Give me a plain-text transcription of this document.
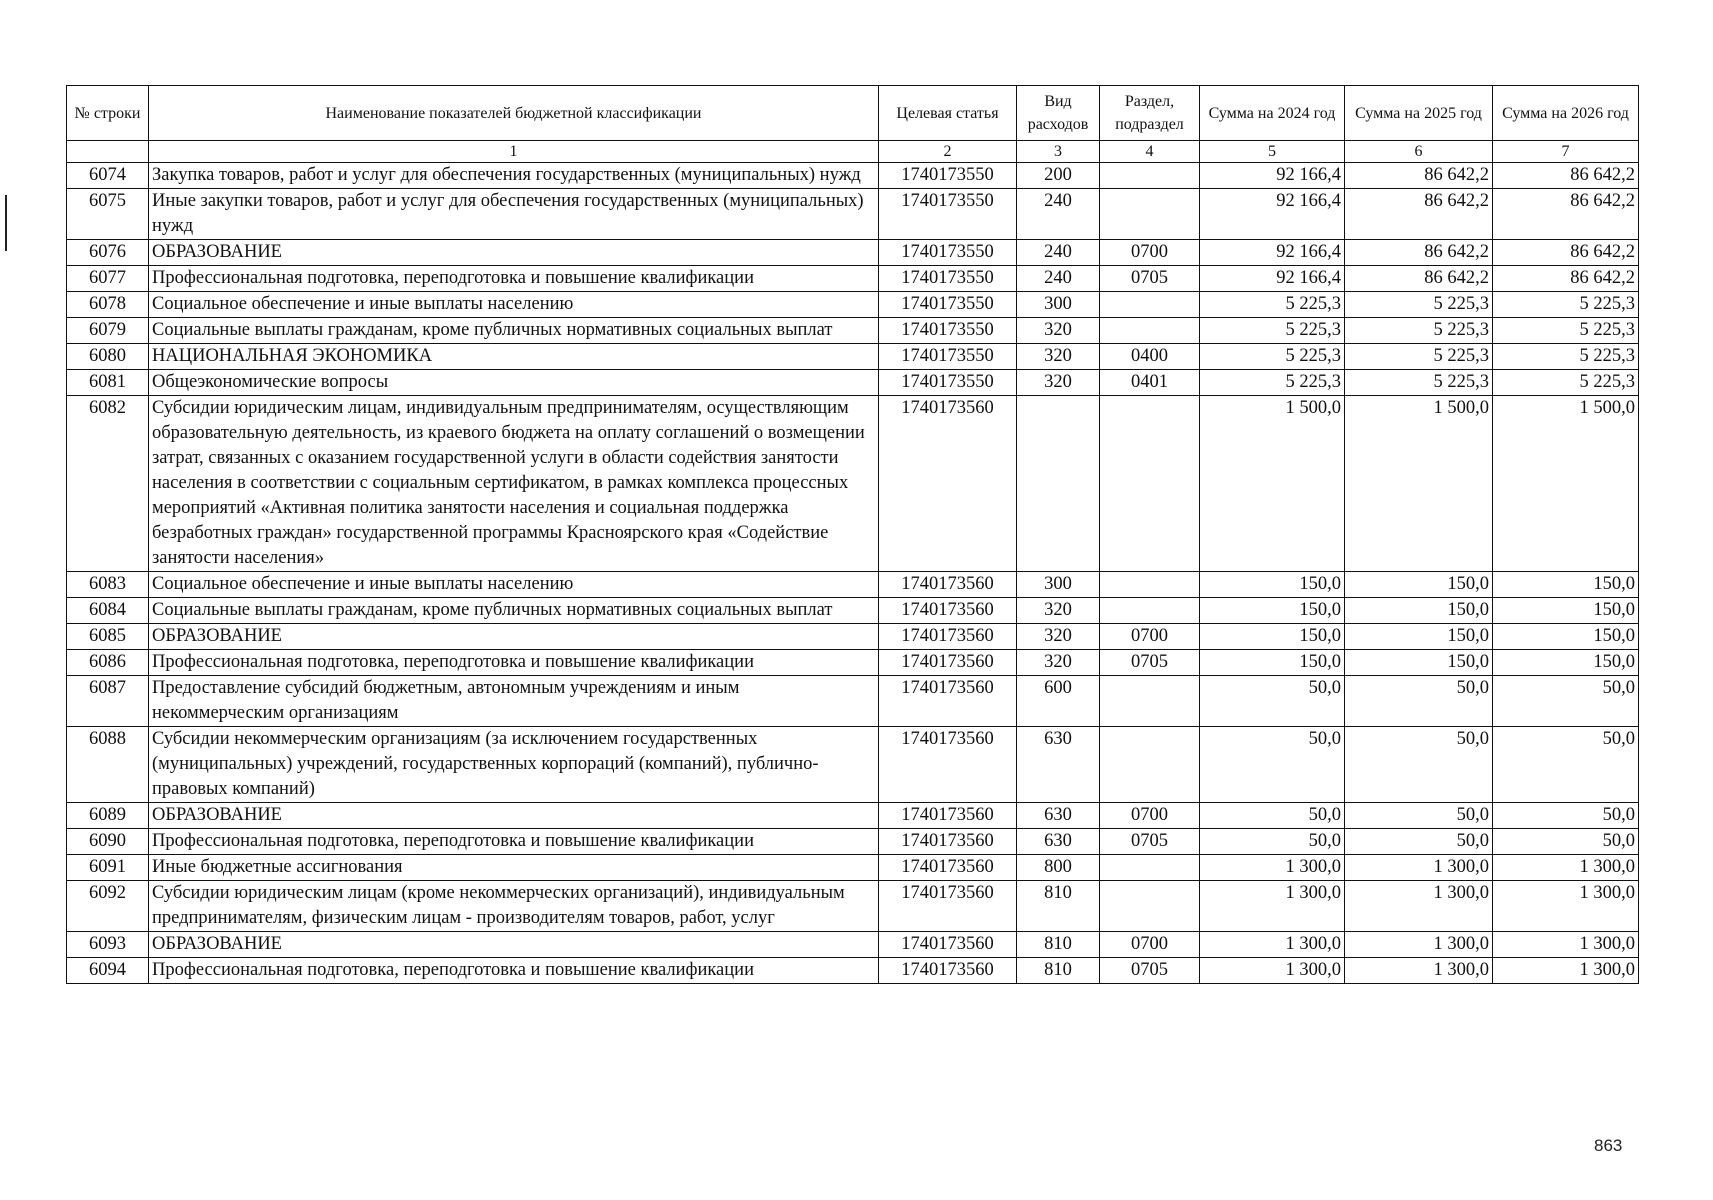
№ строки	Наименование показателей бюджетной классификации	Целевая статья	Вид расходов	Раздел, подраздел	Сумма на 2024 год	Сумма на 2025 год	Сумма на 2026 год
	1	2	3	4	5	6	7
6074	Закупка товаров, работ и услуг для обеспечения государственных (муниципальных) нужд	1740173550	200		92 166,4	86 642,2	86 642,2
6075	Иные закупки товаров, работ и услуг для обеспечения государственных (муниципальных) нужд	1740173550	240		92 166,4	86 642,2	86 642,2
6076	ОБРАЗОВАНИЕ	1740173550	240	0700	92 166,4	86 642,2	86 642,2
6077	Профессиональная подготовка, переподготовка и повышение квалификации	1740173550	240	0705	92 166,4	86 642,2	86 642,2
6078	Социальное обеспечение и иные выплаты населению	1740173550	300		5 225,3	5 225,3	5 225,3
6079	Социальные выплаты гражданам, кроме публичных нормативных социальных выплат	1740173550	320		5 225,3	5 225,3	5 225,3
6080	НАЦИОНАЛЬНАЯ ЭКОНОМИКА	1740173550	320	0400	5 225,3	5 225,3	5 225,3
6081	Общеэкономические вопросы	1740173550	320	0401	5 225,3	5 225,3	5 225,3
6082	Субсидии юридическим лицам, индивидуальным предпринимателям, осуществляющим образовательную деятельность, из краевого бюджета на оплату соглашений о возмещении затрат, связанных с оказанием государственной услуги в области содействия занятости населения в соответствии с социальным сертификатом, в рамках комплекса процессных мероприятий «Активная политика занятости населения и социальная поддержка безработных граждан» государственной программы Красноярского края «Содействие занятости населения»	1740173560			1 500,0	1 500,0	1 500,0
6083	Социальное обеспечение и иные выплаты населению	1740173560	300		150,0	150,0	150,0
6084	Социальные выплаты гражданам, кроме публичных нормативных социальных выплат	1740173560	320		150,0	150,0	150,0
6085	ОБРАЗОВАНИЕ	1740173560	320	0700	150,0	150,0	150,0
6086	Профессиональная подготовка, переподготовка и повышение квалификации	1740173560	320	0705	150,0	150,0	150,0
6087	Предоставление субсидий бюджетным, автономным учреждениям и иным некоммерческим организациям	1740173560	600		50,0	50,0	50,0
6088	Субсидии некоммерческим организациям (за исключением государственных (муниципальных) учреждений, государственных корпораций (компаний), публично-правовых компаний)	1740173560	630		50,0	50,0	50,0
6089	ОБРАЗОВАНИЕ	1740173560	630	0700	50,0	50,0	50,0
6090	Профессиональная подготовка, переподготовка и повышение квалификации	1740173560	630	0705	50,0	50,0	50,0
6091	Иные бюджетные ассигнования	1740173560	800		1 300,0	1 300,0	1 300,0
6092	Субсидии юридическим лицам (кроме некоммерческих организаций), индивидуальным предпринимателям, физическим лицам - производителям товаров, работ, услуг	1740173560	810		1 300,0	1 300,0	1 300,0
6093	ОБРАЗОВАНИЕ	1740173560	810	0700	1 300,0	1 300,0	1 300,0
6094	Профессиональная подготовка, переподготовка и повышение квалификации	1740173560	810	0705	1 300,0	1 300,0	1 300,0
863
